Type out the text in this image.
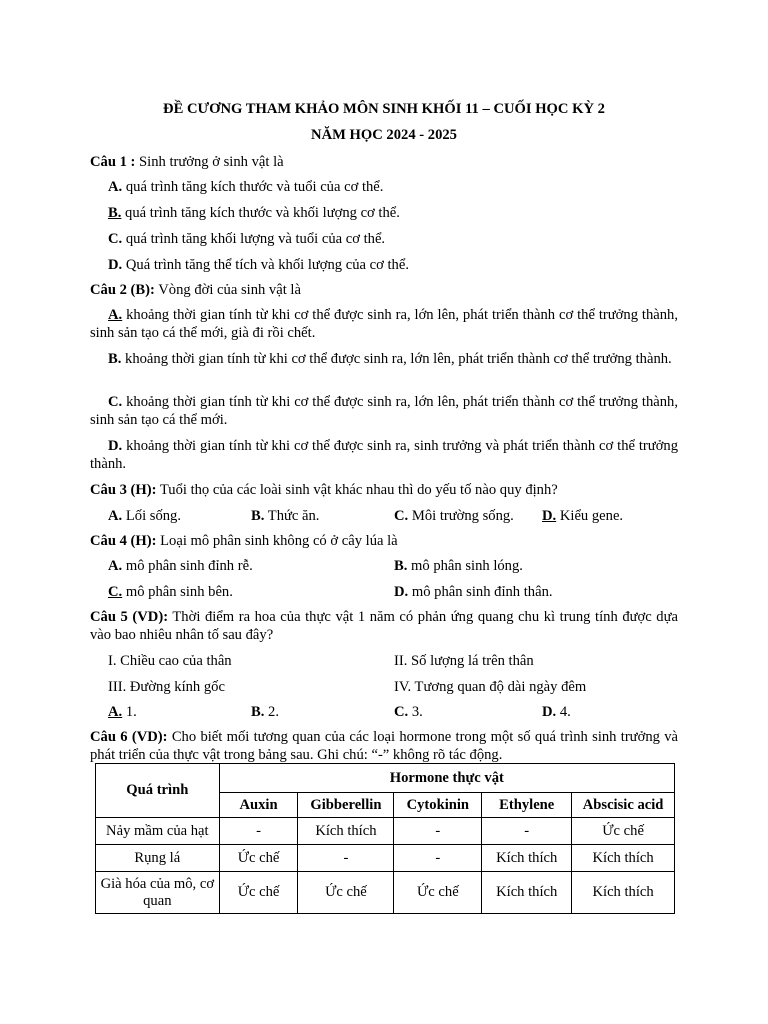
ĐỀ CƯƠNG THAM KHẢO MÔN SINH KHỐI 11 – CUỐI HỌC KỲ 2
NĂM HỌC 2024 - 2025
Câu 1 : Sinh trưởng ở sinh vật là
A. quá trình tăng kích thước và tuổi của cơ thể.
B. quá trình tăng kích thước và khối lượng cơ thể.
C. quá trình tăng khối lượng và tuổi của cơ thể.
D. Quá trình tăng thể tích và khối lượng của cơ thể.
Câu 2 (B): Vòng đời của sinh vật là
A. khoảng thời gian tính từ khi cơ thể được sinh ra, lớn lên, phát triển thành cơ thể trưởng thành, sinh sản tạo cá thể mới, già đi rồi chết.
B. khoảng thời gian tính từ khi cơ thể được sinh ra, lớn lên, phát triển thành cơ thể trưởng thành.
C. khoảng thời gian tính từ khi cơ thể được sinh ra, lớn lên, phát triển thành cơ thể trưởng thành, sinh sản tạo cá thể mới.
D. khoảng thời gian tính từ khi cơ thể được sinh ra, sinh trưởng và phát triển thành cơ thể trưởng thành.
Câu 3 (H): Tuổi thọ của các loài sinh vật khác nhau thì do yếu tố nào quy định?
A. Lối sống.	B. Thức ăn.	C. Môi trường sống. D. Kiểu gene.
Câu 4 (H): Loại mô phân sinh không có ở cây lúa là
A. mô phân sinh đỉnh rễ.	B. mô phân sinh lóng.
C. mô phân sinh bên.	D. mô phân sinh đỉnh thân.
Câu 5 (VD): Thời điểm ra hoa của thực vật 1 năm có phản ứng quang chu kì trung tính được dựa vào bao nhiêu nhân tố sau đây?
I. Chiều cao của thân	II. Số lượng lá trên thân
III. Đường kính gốc	IV. Tương quan độ dài ngày đêm
A. 1.	B. 2.	C. 3.	D. 4.
Câu 6 (VD): Cho biết mối tương quan của các loại hormone trong một số quá trình sinh trưởng và phát triển của thực vật trong bảng sau. Ghi chú: “-” không rõ tác động.
Quá trình	Hormone thực vật				
	Auxin	Gibberellin	Cytokinin	Ethylene	Abscisic acid
Nảy mầm của hạt	-	Kích thích	-	-	Ức chế
Rụng lá	Ức chế	-	-	Kích thích	Kích thích
Già hóa của mô, cơ quan	Ức chế	Ức chế	Ức chế	Kích thích	Kích thích
